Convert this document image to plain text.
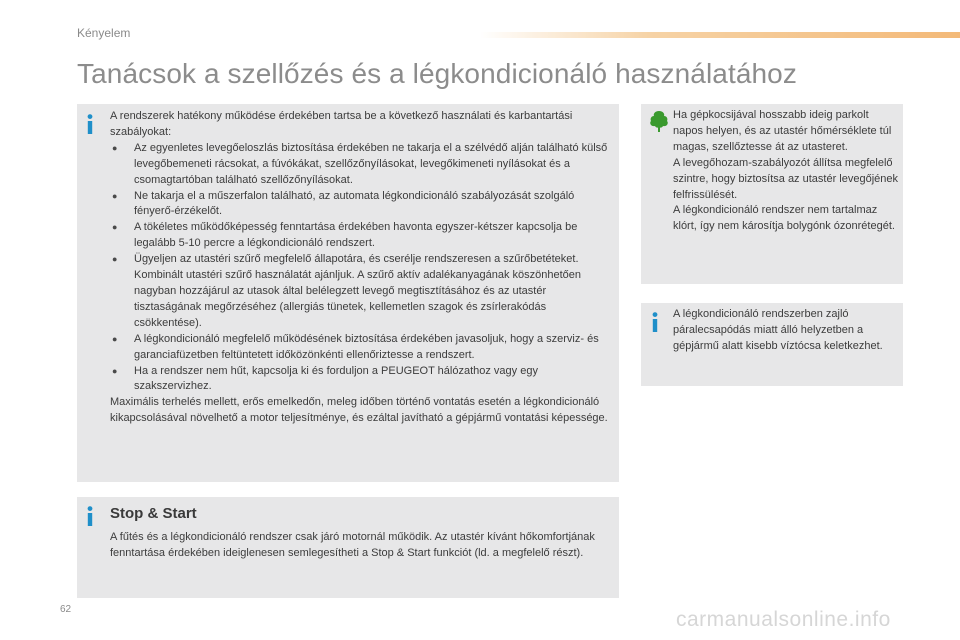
Kényelem
Tanácsok a szellőzés és a légkondicionáló használatához
A rendszerek hatékony működése érdekében tartsa be a következő használati és karbantartási szabályokat:
● Az egyenletes levegőeloszlás biztosítása érdekében ne takarja el a szélvédő alján található külső levegőbemeneti rácsokat, a fúvókákat, szellőzőnyílásokat, levegőkimeneti nyílásokat és a csomagtartóban található szellőzőnyílásokat.
● Ne takarja el a műszerfalon található, az automata légkondicionáló szabályozását szolgáló fényerő-érzékelőt.
● A tökéletes működőképesség fenntartása érdekében havonta egyszer-kétszer kapcsolja be legalább 5-10 percre a légkondicionáló rendszert.
● Ügyeljen az utastéri szűrő megfelelő állapotára, és cserélje rendszeresen a szűrőbetéteket.
Kombinált utastéri szűrő használatát ajánljuk. A szűrő aktív adalékanyagának köszönhetően nagyban hozzájárul az utasok által belélegzett levegő megtisztításához és az utastér tisztaságának megőrzéséhez (allergiás tünetek, kellemetlen szagok és zsírlerakódás csökkentése).
● A légkondicionáló megfelelő működésének biztosítása érdekében javasoljuk, hogy a szerviz- és garanciafüzetben feltüntetett időközönkénti ellenőriztesse a rendszert.
● Ha a rendszer nem hűt, kapcsolja ki és forduljon a PEUGEOT hálózathoz vagy egy szakszervizhez.
Maximális terhelés mellett, erős emelkedőn, meleg időben történő vontatás esetén a légkondicionáló kikapcsolásával növelhető a motor teljesítménye, és ezáltal javítható a gépjármű vontatási képessége.
Stop & Start
A fűtés és a légkondicionáló rendszer csak járó motornál működik. Az utastér kívánt hőkomfortjának fenntartása érdekében ideiglenesen semlegesítheti a Stop & Start funkciót (ld. a megfelelő részt).
Ha gépkocsijával hosszabb ideig parkolt napos helyen, és az utastér hőmérséklete túl magas, szellőztesse át az utasteret.
A levegőhozam-szabályozót állítsa megfelelő szintre, hogy biztosítsa az utastér levegőjének felfrissülését.
A légkondicionáló rendszer nem tartalmaz klórt, így nem károsítja bolygónk ózonrétegét.
A légkondicionáló rendszerben zajló páralecsapódás miatt álló helyzetben a gépjármű alatt kisebb víztócsa keletkezhet.
62	carmanualsonline.info
